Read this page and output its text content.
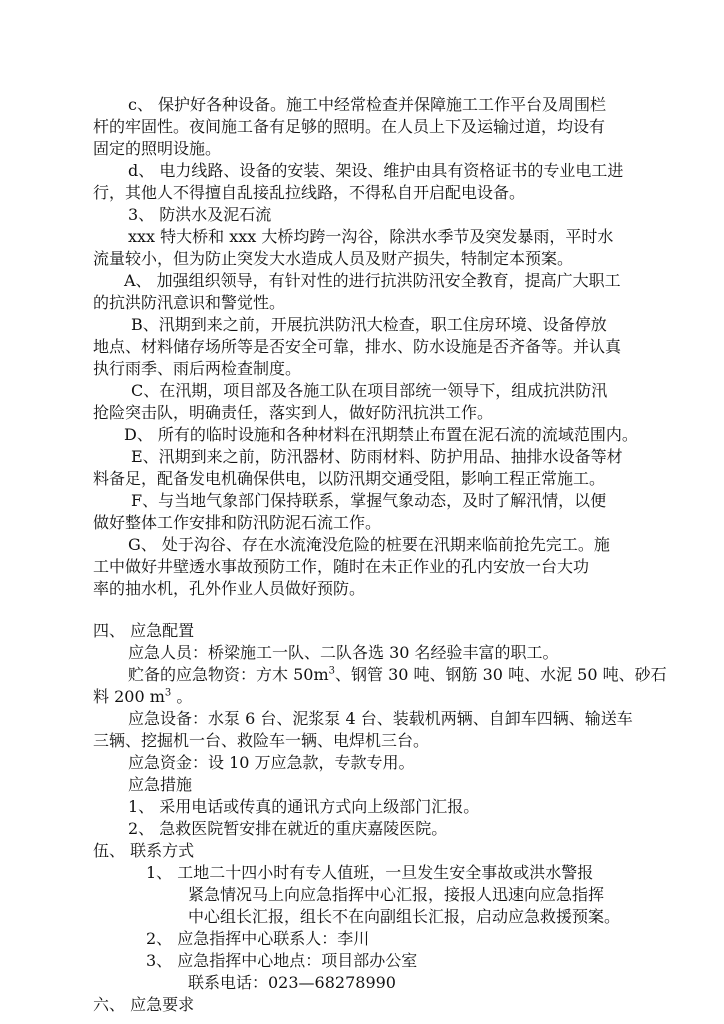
c、 保护好各种设备。施工中经常检查并保障施工工作平台及周围栏
杆的牢固性。夜间施工备有足够的照明。在人员上下及运输过道，均设有
固定的照明设施。
d、 电力线路、设备的安装、架设、维护由具有资格证书的专业电工进
行，其他人不得擅自乱接乱拉线路，不得私自开启配电设备。
3、 防洪水及泥石流
xxx 特大桥和 xxx 大桥均跨一沟谷，除洪水季节及突发暴雨，平时水
流量较小，但为防止突发大水造成人员及财产损失，特制定本预案。
A、 加强组织领导，有针对性的进行抗洪防汛安全教育，提高广大职工
的抗洪防汛意识和警觉性。
B、汛期到来之前，开展抗洪防汛大检查，职工住房环境、设备停放
地点、材料储存场所等是否安全可靠，排水、防水设施是否齐备等。并认真
执行雨季、雨后两检查制度。
C、在汛期，项目部及各施工队在项目部统一领导下，组成抗洪防汛
抢险突击队，明确责任，落实到人，做好防汛抗洪工作。
D、 所有的临时设施和各种材料在汛期禁止布置在泥石流的流域范围内。
E、汛期到来之前，防汛器材、防雨材料、防护用品、抽排水设备等材
料备足，配备发电机确保供电，以防汛期交通受阻，影响工程正常施工。
F、与当地气象部门保持联系，掌握气象动态，及时了解汛情，以便
做好整体工作安排和防汛防泥石流工作。
G、 处于沟谷、存在水流淹没危险的桩要在汛期来临前抢先完工。施
工中做好井壁透水事故预防工作，随时在未正作业的孔内安放一台大功
率的抽水机，孔外作业人员做好预防。
四、 应急配置
应急人员：桥梁施工一队、二队各选 30 名经验丰富的职工。
贮备的应急物资：方木 $50m^3$、钢管 30 吨、钢筋 30 吨、水泥 50 吨、砂石
料 200 $m^3$ 。
应急设备：水泵 6 台、泥浆泵 4 台、装载机两辆、自卸车四辆、输送车
三辆、挖掘机一台、救险车一辆、电焊机三台。
应急资金：设 10 万应急款，专款专用。
应急措施
1、 采用电话或传真的通讯方式向上级部门汇报。
2、 急救医院暂安排在就近的重庆嘉陵医院。
伍、 联系方式
1、 工地二十四小时有专人值班，一旦发生安全事故或洪水警报
紧急情况马上向应急指挥中心汇报，接报人迅速向应急指挥
中心组长汇报，组长不在向副组长汇报，启动应急救援预案。
2、 应急指挥中心联系人：李川
3、 应急指挥中心地点：项目部办公室
联系电话：023—68278990
六、 应急要求
